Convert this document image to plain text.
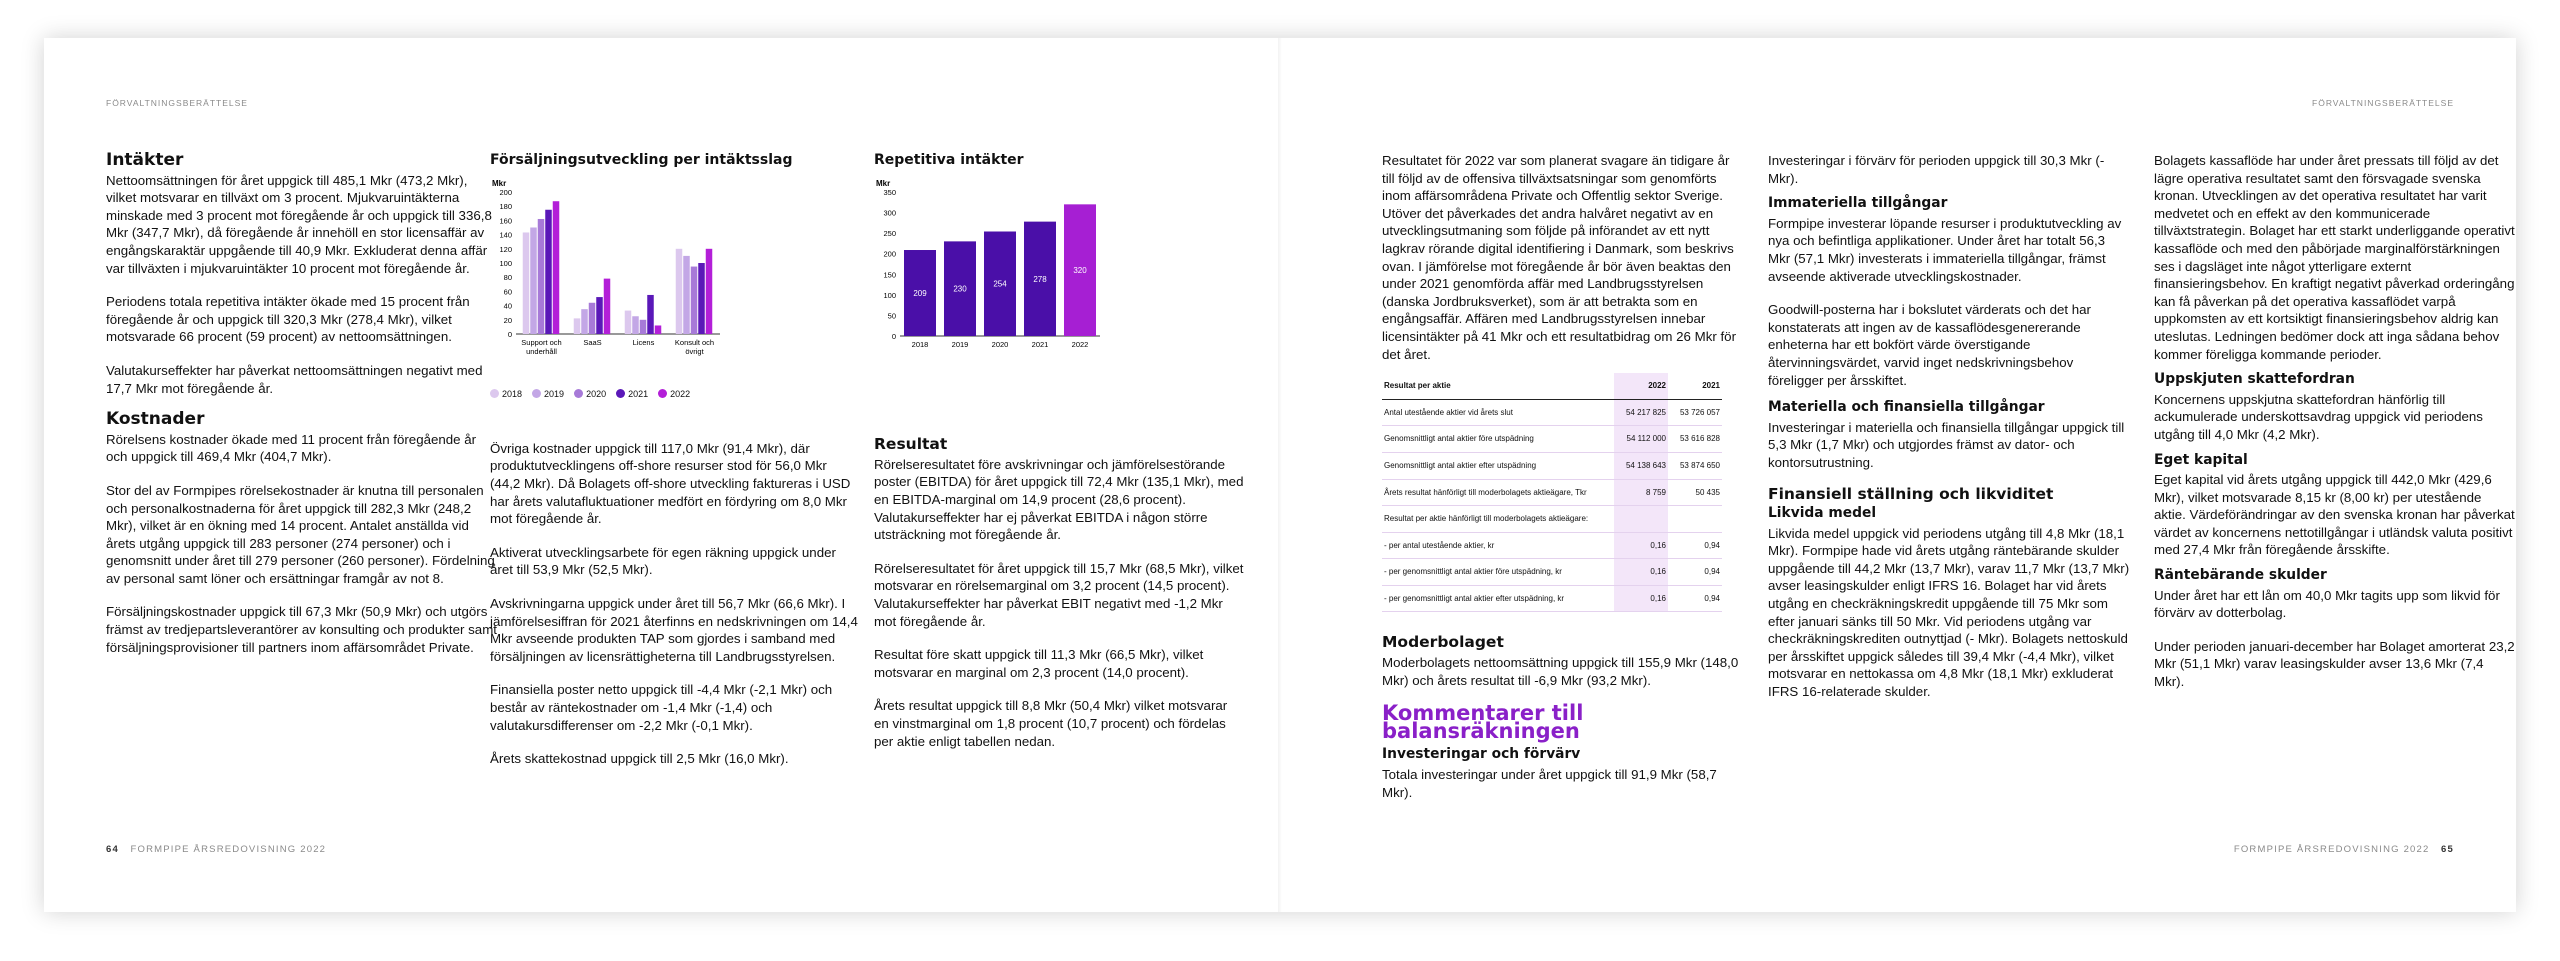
FÖRVALTNINGSBERÄTTELSE
Intäkter

Nettoomsättningen för året uppgick till 485,1 Mkr (473,2 Mkr), vilket motsvarar en tillväxt om 3 procent. Mjukvaruintäkterna minskade med 3 procent mot föregående år och uppgick till 336,8 Mkr (347,7 Mkr), då föregående år innehöll en stor licensaffär av engångskaraktär uppgående till 40,9 Mkr. Exkluderat denna affär var tillväxten i mjukvaruintäkter 10 procent mot föregående år.

Periodens totala repetitiva intäkter ökade med 15 procent från föregående år och uppgick till 320,3 Mkr (278,4 Mkr), vilket motsvarade 66 procent (59 procent) av nettoomsättningen.

Valutakurseffekter har påverkat nettoomsättningen negativt med 17,7 Mkr mot föregående år.

Kostnader

Rörelsens kostnader ökade med 11 procent från föregående år och uppgick till 469,4 Mkr (404,7 Mkr).

Stor del av Formpipes rörelsekostnader är knutna till personalen och personalkostnaderna för året uppgick till 282,3 Mkr (248,2 Mkr), vilket är en ökning med 14 procent. Antalet anställda vid årets utgång uppgick till 283 personer (274 personer) och i genomsnitt under året till 279 personer (260 personer). Fördelning av personal samt löner och ersättningar framgår av not 8.

Försäljningskostnader uppgick till 67,3 Mkr (50,9 Mkr) och utgörs främst av tredjepartsleverantörer av konsulting och produkter samt försäljningsprovisioner till partners inom affärsområdet Private.

Försäljningsutveckling per intäktsslag
Mkr
0
20
40
60
80
100
120
140
160
180
200
Support och
underhåll
SaaS	Licens	Konsult och
övrigt
2018	2019	2020	2021	2022

Övriga kostnader uppgick till 117,0 Mkr (91,4 Mkr), där produktutvecklingens off-shore resurser stod för 56,0 Mkr (44,2 Mkr). Då Bolagets off-shore utveckling faktureras i USD har årets valutafluktuationer medfört en fördyring om 8,0 Mkr mot föregående år.

Aktiverat utvecklingsarbete för egen räkning uppgick under året till 53,9 Mkr (52,5 Mkr).

Avskrivningarna uppgick under året till 56,7 Mkr (66,6 Mkr). I jämförelsesiffran för 2021 återfinns en nedskrivningen om 14,4 Mkr avseende produkten TAP som gjordes i samband med försäljningen av licensrättigheterna till Landbrugsstyrelsen.

Finansiella poster netto uppgick till -4,4 Mkr (-2,1 Mkr) och består av räntekostnader om -1,4 Mkr (-1,4) och valutakursdifferenser om -2,2 Mkr (-0,1 Mkr).

Årets skattekostnad uppgick till 2,5 Mkr (16,0 Mkr).

Repetitiva intäkter
Mkr
0
50
100
150
200
250
300
350
209
2018
230
2019
254
2020
278
2021
320
2022
Resultat

Rörelseresultatet före avskrivningar och jämförelsestörande poster (EBITDA) för året uppgick till 72,4 Mkr (135,1 Mkr), med en EBITDA-marginal om 14,9 procent (28,6 procent). Valutakurseffekter har ej påverkat EBITDA i någon större utsträckning mot föregående år.

Rörelseresultatet för året uppgick till 15,7 Mkr (68,5 Mkr), vilket motsvarar en rörelsemarginal om 3,2 procent (14,5 procent). Valutakurseffekter har påverkat EBIT negativt med -1,2 Mkr mot föregående år.

Resultat före skatt uppgick till 11,3 Mkr (66,5 Mkr), vilket motsvarar en marginal om 2,3 procent (14,0 procent).

Årets resultat uppgick till 8,8 Mkr (50,4 Mkr) vilket motsvarar en vinstmarginal om 1,8 procent (10,7 procent) och fördelas per aktie enligt tabellen nedan.

64 FORMPIPE ÅRSREDOVISNING 2022
FÖRVALTNINGSBERÄTTELSE

Resultatet för 2022 var som planerat svagare än tidigare år till följd av de offensiva tillväxtsatsningar som genomförts inom affärsområdena Private och Offentlig sektor Sverige. Utöver det påverkades det andra halvåret negativt av en utvecklingsutmaning som följde på införandet av ett nytt lagkrav rörande digital identifiering i Danmark, som beskrivs ovan. I jämförelse mot föregående år bör även beaktas den under 2021 genomförda affär med Landbrugsstyrelsen (danska Jordbruksverket), som är att betrakta som en engångsaffär. Affären med Landbrugsstyrelsen innebar licensintäkter på 41 Mkr och ett resultatbidrag om 26 Mkr för det året.

Resultat per aktie	2022	2021
Antal utestående aktier vid årets slut	54 217 825	53 726 057
Genomsnittligt antal aktier före utspädning	54 112 000	53 616 828
Genomsnittligt antal aktier efter utspädning	54 138 643	53 874 650
Årets resultat hänförligt till moderbolagets aktieägare, Tkr	8 759	50 435
Resultat per aktie hänförligt till moderbolagets aktieägare:		
- per antal utestående aktier, kr	0,16	0,94
- per genomsnittligt antal aktier före utspädning, kr	0,16	0,94
- per genomsnittligt antal aktier efter utspädning, kr	0,16	0,94
Moderbolaget

Moderbolagets nettoomsättning uppgick till 155,9 Mkr (148,0 Mkr) och årets resultat till -6,9 Mkr (93,2 Mkr).

Kommentarer till balansräkningen
Investeringar och förvärv

Totala investeringar under året uppgick till 91,9 Mkr (58,7 Mkr).

Investeringar i förvärv för perioden uppgick till 30,3 Mkr (- Mkr).

Immateriella tillgångar

Formpipe investerar löpande resurser i produktutveckling av nya och befintliga applikationer. Under året har totalt 56,3 Mkr (57,1 Mkr) investerats i immateriella tillgångar, främst avseende aktiverade utvecklingskostnader.

Goodwill-posterna har i bokslutet värderats och det har konstaterats att ingen av de kassaflödesgenererande enheterna har ett bokfört värde överstigande återvinningsvärdet, varvid inget nedskrivningsbehov föreligger per årsskiftet.

Materiella och finansiella tillgångar

Investeringar i materiella och finansiella tillgångar uppgick till 5,3 Mkr (1,7 Mkr) och utgjordes främst av dator- och kontorsutrustning.

Finansiell ställning och likviditet
Likvida medel

Likvida medel uppgick vid periodens utgång till 4,8 Mkr (18,1 Mkr). Formpipe hade vid årets utgång räntebärande skulder uppgående till 44,2 Mkr (13,7 Mkr), varav 11,7 Mkr (13,7 Mkr) avser leasingskulder enligt IFRS 16. Bolaget har vid årets utgång en checkräkningskredit uppgående till 75 Mkr som efter januari sänks till 50 Mkr. Vid periodens utgång var checkräkningskrediten outnyttjad (- Mkr). Bolagets nettoskuld per årsskiftet uppgick således till 39,4 Mkr (-4,4 Mkr), vilket motsvarar en nettokassa om 4,8 Mkr (18,1 Mkr) exkluderat IFRS 16-relaterade skulder.

Bolagets kassaflöde har under året pressats till följd av det lägre operativa resultatet samt den försvagade svenska kronan. Utvecklingen av det operativa resultatet har varit medvetet och en effekt av den kommunicerade tillväxtstrategin. Bolaget har ett starkt underliggande operativt kassaflöde och med den påbörjade marginalförstärkningen ses i dagsläget inte något ytterligare externt finansieringsbehov. En kraftigt negativt påverkad orderingång kan få påverkan på det operativa kassaflödet varpå uppkomsten av ett kortsiktigt finansieringsbehov aldrig kan uteslutas. Ledningen bedömer dock att inga sådana behov kommer föreligga kommande perioder.

Uppskjuten skattefordran

Koncernens uppskjutna skattefordran hänförlig till ackumulerade underskottsavdrag uppgick vid periodens utgång till 4,0 Mkr (4,2 Mkr).

Eget kapital

Eget kapital vid årets utgång uppgick till 442,0 Mkr (429,6 Mkr), vilket motsvarade 8,15 kr (8,00 kr) per utestående aktie. Värdeförändringar av den svenska kronan har påverkat värdet av koncernens nettotillgångar i utländsk valuta positivt med 27,4 Mkr från föregående årsskifte.

Räntebärande skulder

Under året har ett lån om 40,0 Mkr tagits upp som likvid för förvärv av dotterbolag.

Under perioden januari-december har Bolaget amorterat 23,2 Mkr (51,1 Mkr) varav leasingskulder avser 13,6 Mkr (7,4 Mkr).

FORMPIPE ÅRSREDOVISNING 2022 65
